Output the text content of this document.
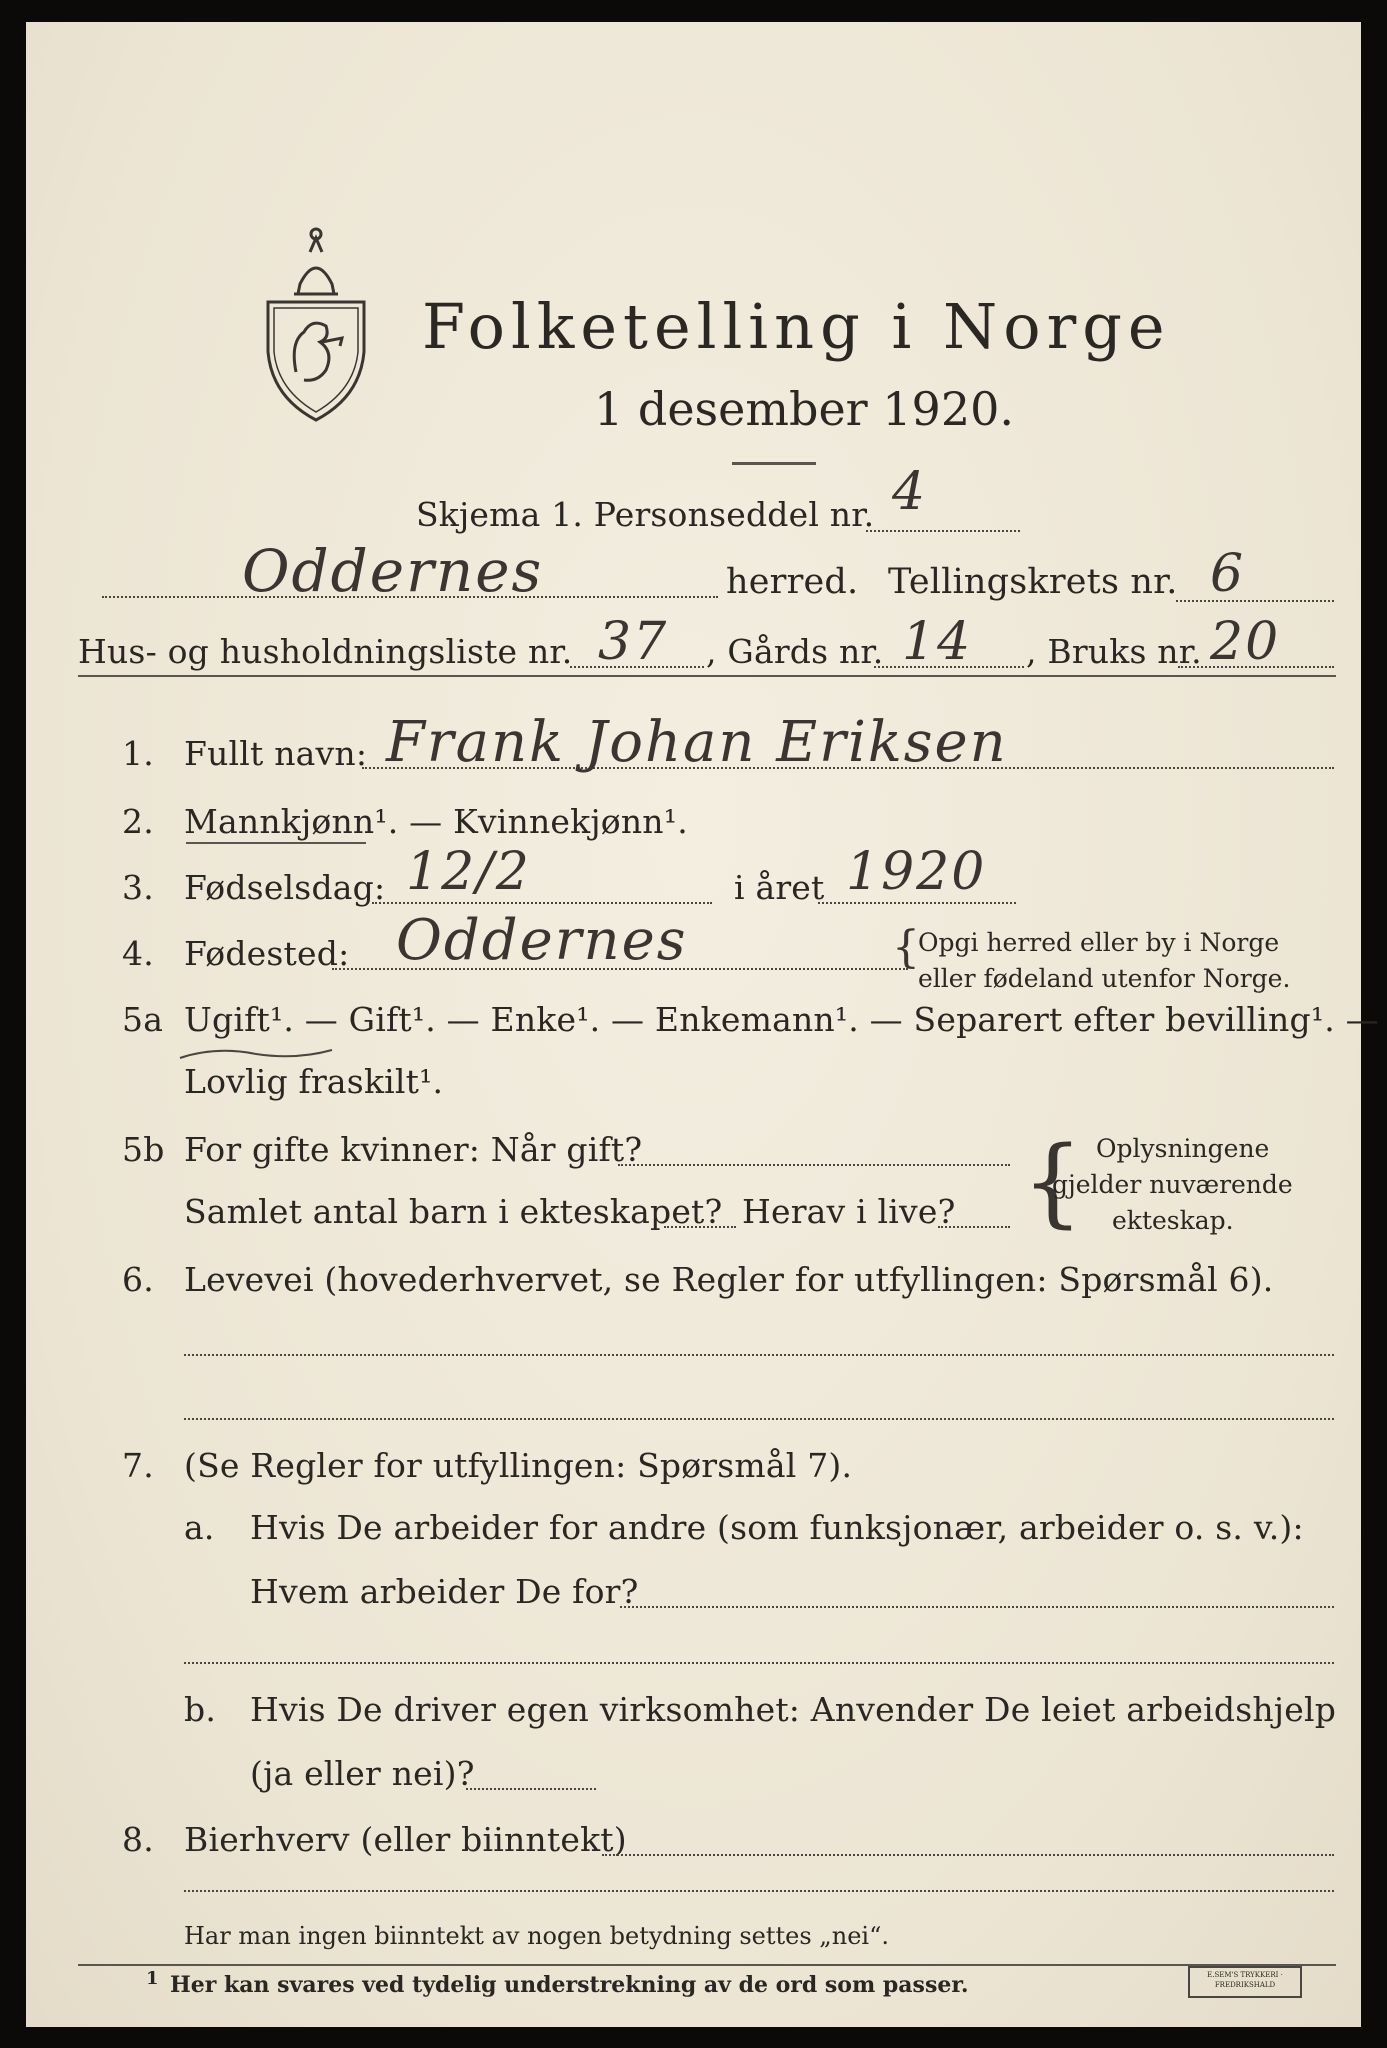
Folketelling i Norge
1 desember 1920.
Skjema 1. Personseddel nr. 4
Oddernes	herred. Tellingskrets nr. 6
Hus- og husholdningsliste nr. 37 , Gårds nr. 14 , Bruks nr. 20
1. Fullt navn: Frank Johan Eriksen
2. Mannkjønn¹. — Kvinnekjønn¹.
3. Fødselsdag: 12/2	i året 1920
4. Fødested: Oddernes	{
Opgi herred eller by i Norge
eller fødeland utenfor Norge.
5a Ugift¹. — Gift¹. — Enke¹. — Enkemann¹. — Separert efter bevilling¹. —
Lovlig fraskilt¹.
5b For gifte kvinner: Når gift?
Samlet antal barn i ekteskapet? Herav i live? { Oplysningene
gjelder nuværende
ekteskap.
6. Levevei (hovederhvervet, se Regler for utfyllingen: Spørsmål 6).
7. (Se Regler for utfyllingen: Spørsmål 7).
a. Hvis De arbeider for andre (som funksjonær, arbeider o. s. v.):
Hvem arbeider De for?
b. Hvis De driver egen virksomhet: Anvender De leiet arbeidshjelp
(ja eller nei)?
8. Bierhverv (eller biinntekt)
Har man ingen biinntekt av nogen betydning settes „nei“.
1 Her kan svares ved tydelig understrekning av de ord som passer.	E.SEM'S TRYKKERI · FREDRIKSHALD
